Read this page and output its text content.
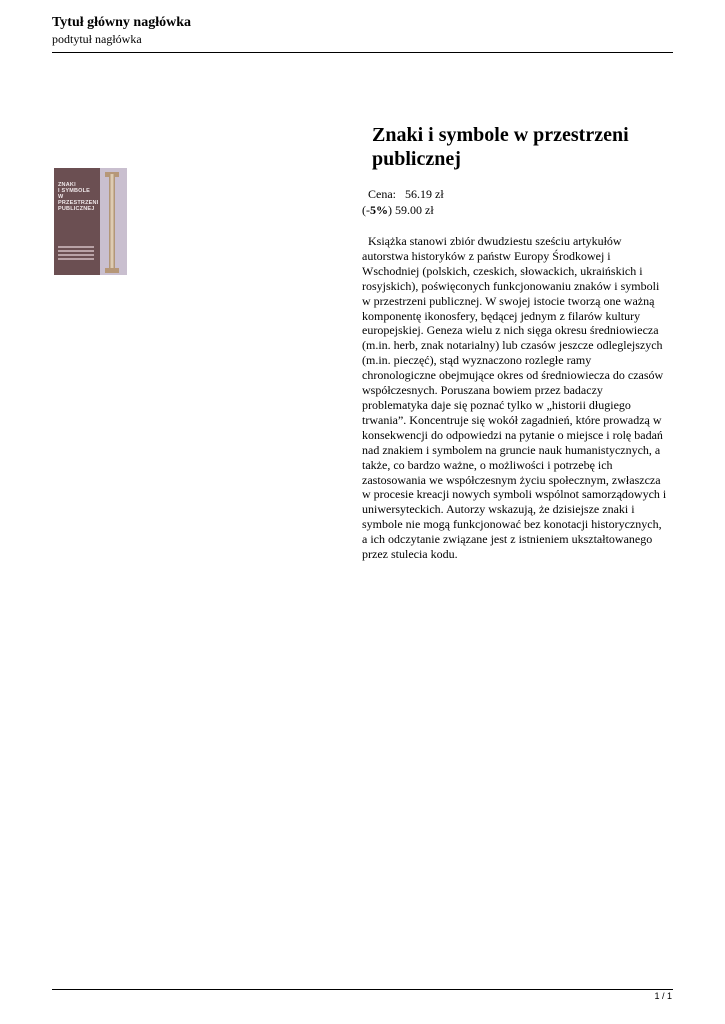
Tytuł główny nagłówka
podtytuł nagłówka
ZNAKI
I SYMBOLE
W PRZESTRZENI
PUBLICZNEJ
Znaki i symbole w przestrzeni publicznej
Cena: 56.19 zł
(-5%) 59.00 zł
Książka stanowi zbiór dwudziestu sześciu artykułów
autorstwa historyków z państw Europy Środkowej i
Wschodniej (polskich, czeskich, słowackich, ukraińskich i
rosyjskich), poświęconych funkcjonowaniu znaków i symboli
w przestrzeni publicznej. W swojej istocie tworzą one ważną
komponentę ikonosfery, będącej jednym z filarów kultury
europejskiej. Geneza wielu z nich sięga okresu średniowiecza
(m.in. herb, znak notarialny) lub czasów jeszcze odleglejszych
(m.in. pieczęć), stąd wyznaczono rozległe ramy
chronologiczne obejmujące okres od średniowiecza do czasów
współczesnych. Poruszana bowiem przez badaczy
problematyka daje się poznać tylko w „historii długiego
trwania”. Koncentruje się wokół zagadnień, które prowadzą w
konsekwencji do odpowiedzi na pytanie o miejsce i rolę badań
nad znakiem i symbolem na gruncie nauk humanistycznych, a
także, co bardzo ważne, o możliwości i potrzebę ich
zastosowania we współczesnym życiu społecznym, zwłaszcza
w procesie kreacji nowych symboli wspólnot samorządowych i
uniwersyteckich. Autorzy wskazują, że dzisiejsze znaki i
symbole nie mogą funkcjonować bez konotacji historycznych,
a ich odczytanie związane jest z istnieniem ukształtowanego
przez stulecia kodu.
1 / 1
